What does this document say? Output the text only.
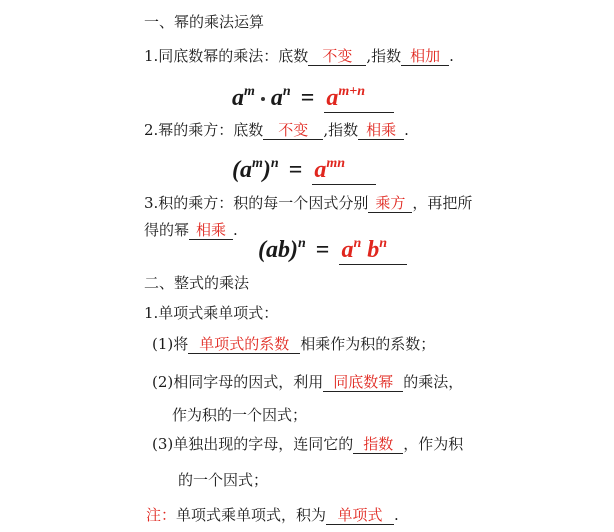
一、幂的乘法运算
1.同底数幂的乘法：底数 不变 ,指数 相加 .
$a^m$ $a^n = a^{m+n}$
2.幂的乘方：底数 不变 ,指数 相乘 .
$(a^m)^n = a^{mn}$
3.积的乘方：积的每一个因式分别 乘方 ，再把所
得的幂 相乘 .
$(ab)^n = a^n$ $b^n$
二、整式的乘法
1.单项式乘单项式：
(1)将 单项式的系数 相乘作为积的系数；
(2)相同字母的因式，利用 同底数幂 的乘法，
作为积的一个因式；
(3)单独出现的字母，连同它的 指数 ，作为积
的一个因式；
注：单项式乘单项式，积为 单项式 .
